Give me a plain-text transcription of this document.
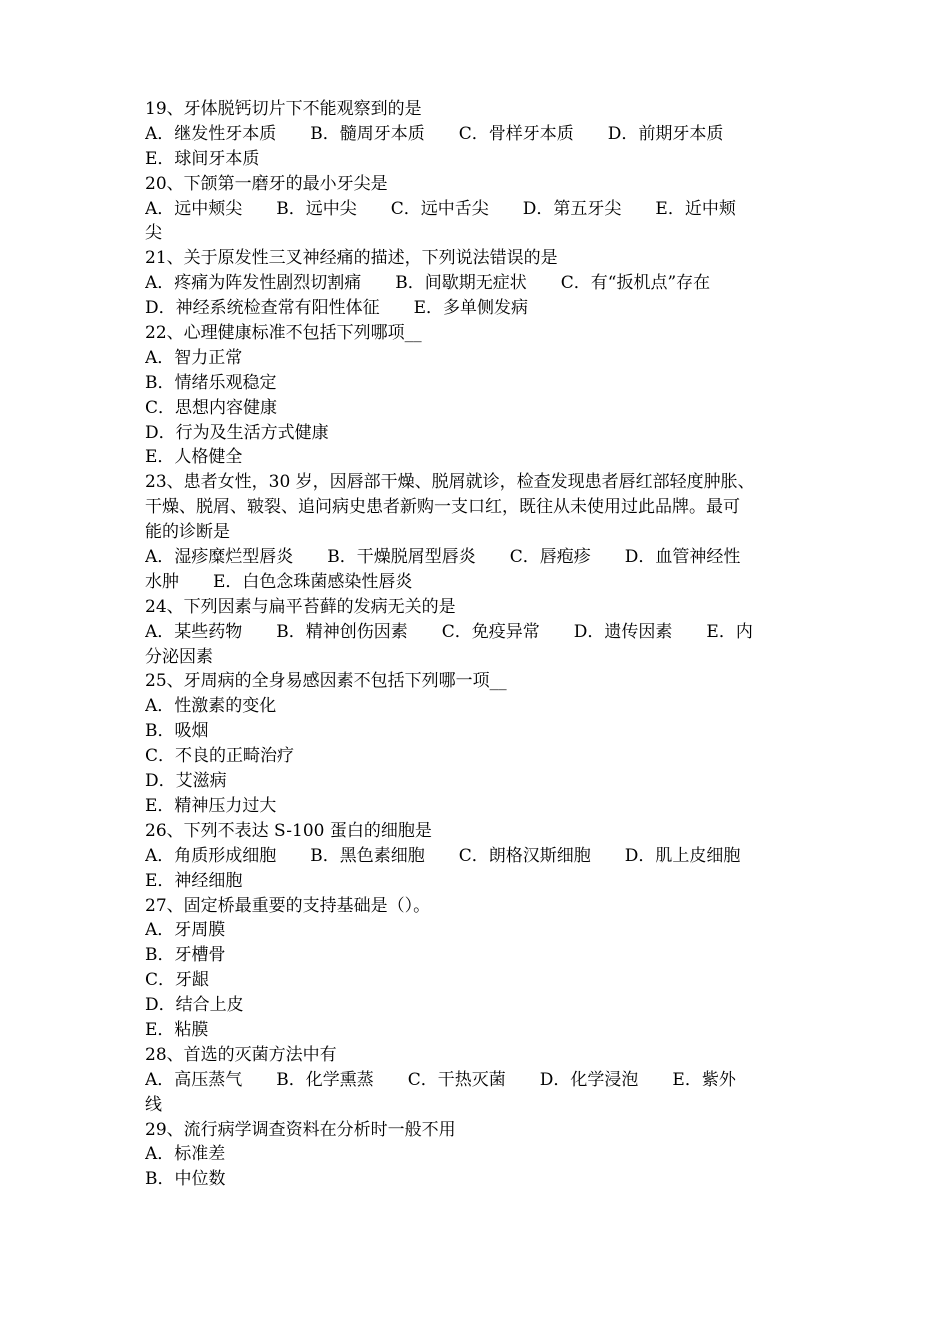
19、牙体脱钙切片下不能观察到的是
A．继发性牙本质　　B．髓周牙本质　　C．骨样牙本质　　D．前期牙本质
E．球间牙本质
20、下颌第一磨牙的最小牙尖是
A．远中颊尖　　B．远中尖　　C．远中舌尖　　D．第五牙尖　　E．近中颊
尖
21、关于原发性三叉神经痛的描述，下列说法错误的是
A．疼痛为阵发性剧烈切割痛　　B．间歇期无症状　　C．有“扳机点”存在
D．神经系统检查常有阳性体征　　E．多单侧发病
22、心理健康标准不包括下列哪项__
A．智力正常
B．情绪乐观稳定
C．思想内容健康
D．行为及生活方式健康
E．人格健全
23、患者女性，30 岁，因唇部干燥、脱屑就诊，检查发现患者唇红部轻度肿胀、
干燥、脱屑、皲裂、追问病史患者新购一支口红，既往从未使用过此品牌。最可
能的诊断是
A．湿疹糜烂型唇炎　　B．干燥脱屑型唇炎　　C．唇疱疹　　D．血管神经性
水肿　　E．白色念珠菌感染性唇炎
24、下列因素与扁平苔藓的发病无关的是
A．某些药物　　B．精神创伤因素　　C．免疫异常　　D．遗传因素　　E．内
分泌因素
25、牙周病的全身易感因素不包括下列哪一项__
A．性激素的变化
B．吸烟
C．不良的正畸治疗
D．艾滋病
E．精神压力过大
26、下列不表达 S-100 蛋白的细胞是
A．角质形成细胞　　B．黑色素细胞　　C．朗格汉斯细胞　　D．肌上皮细胞
E．神经细胞
27、固定桥最重要的支持基础是（）。
A．牙周膜
B．牙槽骨
C．牙龈
D．结合上皮
E．粘膜
28、首选的灭菌方法中有
A．高压蒸气　　B．化学熏蒸　　C．干热灭菌　　D．化学浸泡　　E．紫外
线
29、流行病学调查资料在分析时一般不用
A．标准差
B．中位数
